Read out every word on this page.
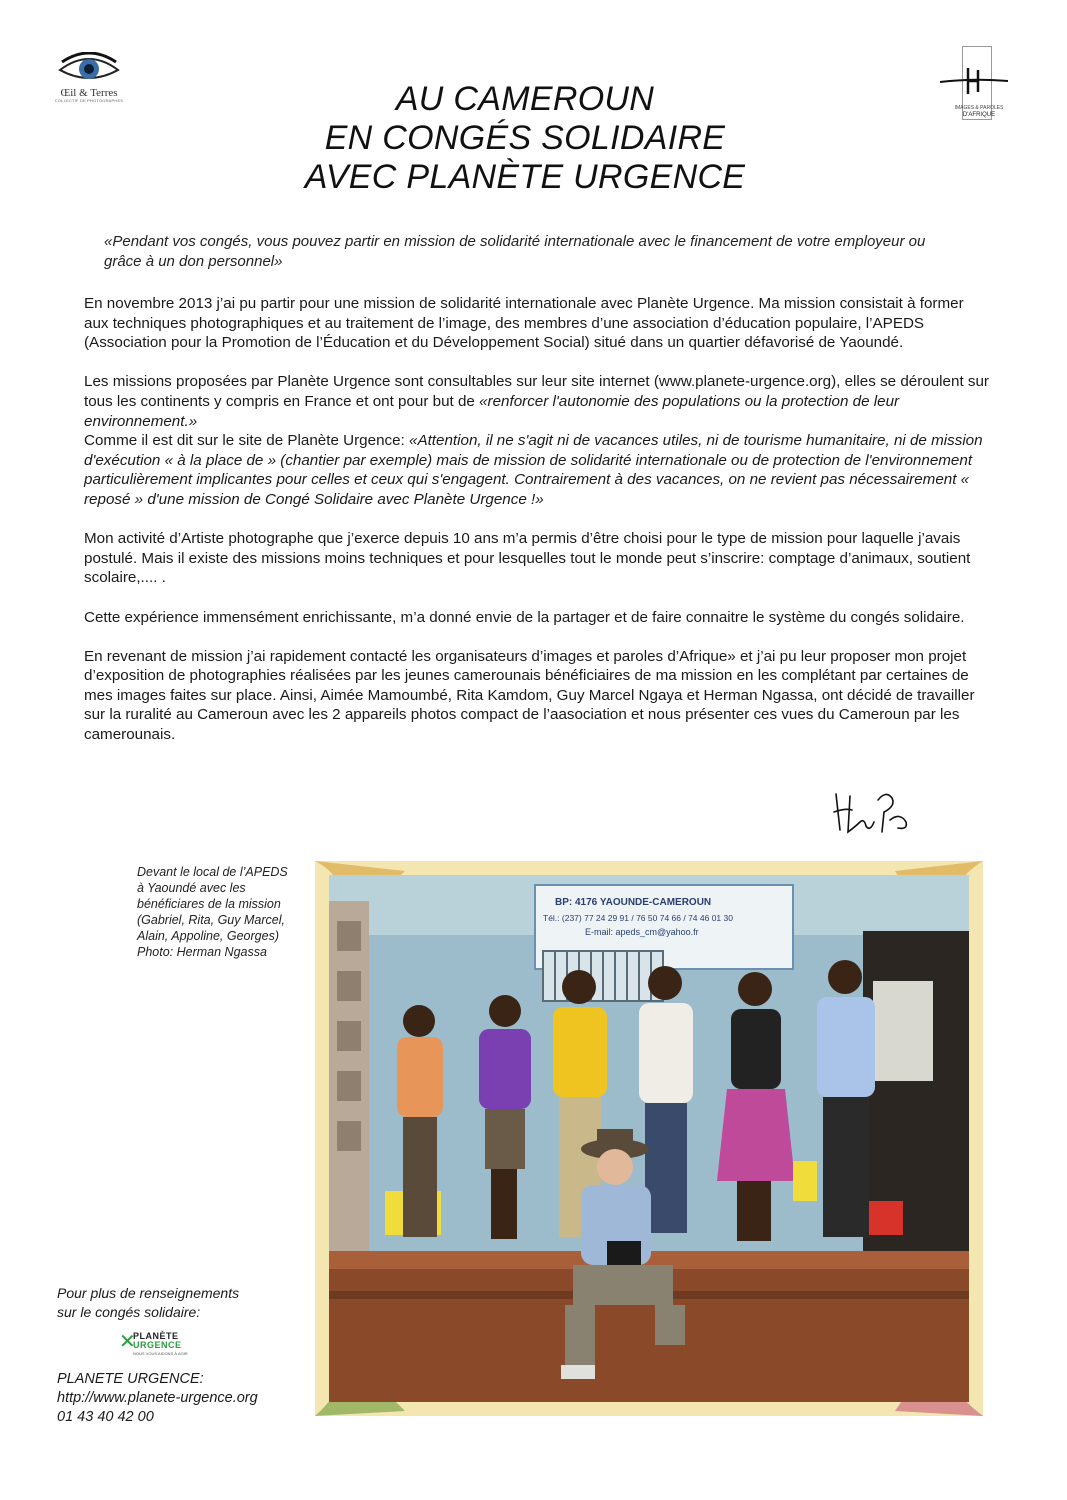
Œil & Terres
COLLECTIF DE PHOTOGRAPHES
IMAGES & PAROLES
D'AFRIQUE
AU CAMEROUN
EN CONGÉS SOLIDAIRE
AVEC PLANÈTE URGENCE
«Pendant vos congés, vous pouvez partir en mission de solidarité internationale avec le financement de votre employeur ou grâce à un don personnel»

En novembre 2013 j’ai pu partir pour une mission de solidarité internationale avec Planète Urgence. Ma mission consistait à former aux techniques photographiques et au traitement de l’image, des membres d’une association d’éducation populaire, l’APEDS (Association pour la Promotion de l’Éducation et du Développement Social) situé dans un quartier défavorisé de Yaoundé.

Les missions proposées par Planète Urgence sont consultables sur leur site internet (www.planete-urgence.org), elles se déroulent sur tous les continents y compris en France et ont pour but de «renforcer l'autonomie des populations ou la protection de leur environnement.»
Comme il est dit sur le site de Planète Urgence: «Attention, il ne s'agit ni de vacances utiles, ni de tourisme humanitaire, ni de mission d'exécution « à la place de » (chantier par exemple) mais de mission de solidarité internationale ou de protection de l'environnement particulièrement implicantes pour celles et ceux qui s'engagent. Contrairement à des vacances, on ne revient pas nécessairement « reposé » d'une mission de Congé Solidaire avec Planète Urgence !»

Mon activité d’Artiste photographe que j’exerce depuis 10 ans m’a permis d’être choisi pour le type de mission pour laquelle j’avais postulé. Mais il existe des missions moins techniques et pour lesquelles tout le monde peut s’inscrire: comptage d’animaux, soutient scolaire,.... .

Cette expérience immensément enrichissante, m’a donné envie de la partager et de faire connaitre le système du congés solidaire.

En revenant de mission j’ai rapidement contacté les organisateurs d’images et paroles d’Afrique» et j’ai pu leur proposer mon projet d’exposition de photographies réalisées par les jeunes camerounais bénéficiaires de ma mission en les complétant par certaines de mes images faites sur place. Ainsi, Aimée Mamoumbé, Rita Kamdom, Guy Marcel Ngaya et Herman Ngassa, ont décidé de travailler sur la ruralité au Cameroun avec les 2 appareils photos compact de l’aasociation et nous présenter ces vues du Cameroun par les camerounais.

Devant le local de l’APEDS
à Yaoundé avec les
bénéficiares de la mission
(Gabriel, Rita, Guy Marcel,
Alain, Appoline, Georges)
Photo: Herman Ngassa
BP: 4176 YAOUNDE-CAMEROUN
Tél.: (237) 77 24 29 91 / 76 50 74 66 / 74 46 01 30
E-mail: apeds_cm@yahoo.fr
Pour plus de renseignements
sur le congés solidaire:
✕
PLANÈTE
URGENCE
NOUS VOUS AIDONS À AGIR
PLANETE URGENCE:
http://www.planete-urgence.org
01 43 40 42 00
